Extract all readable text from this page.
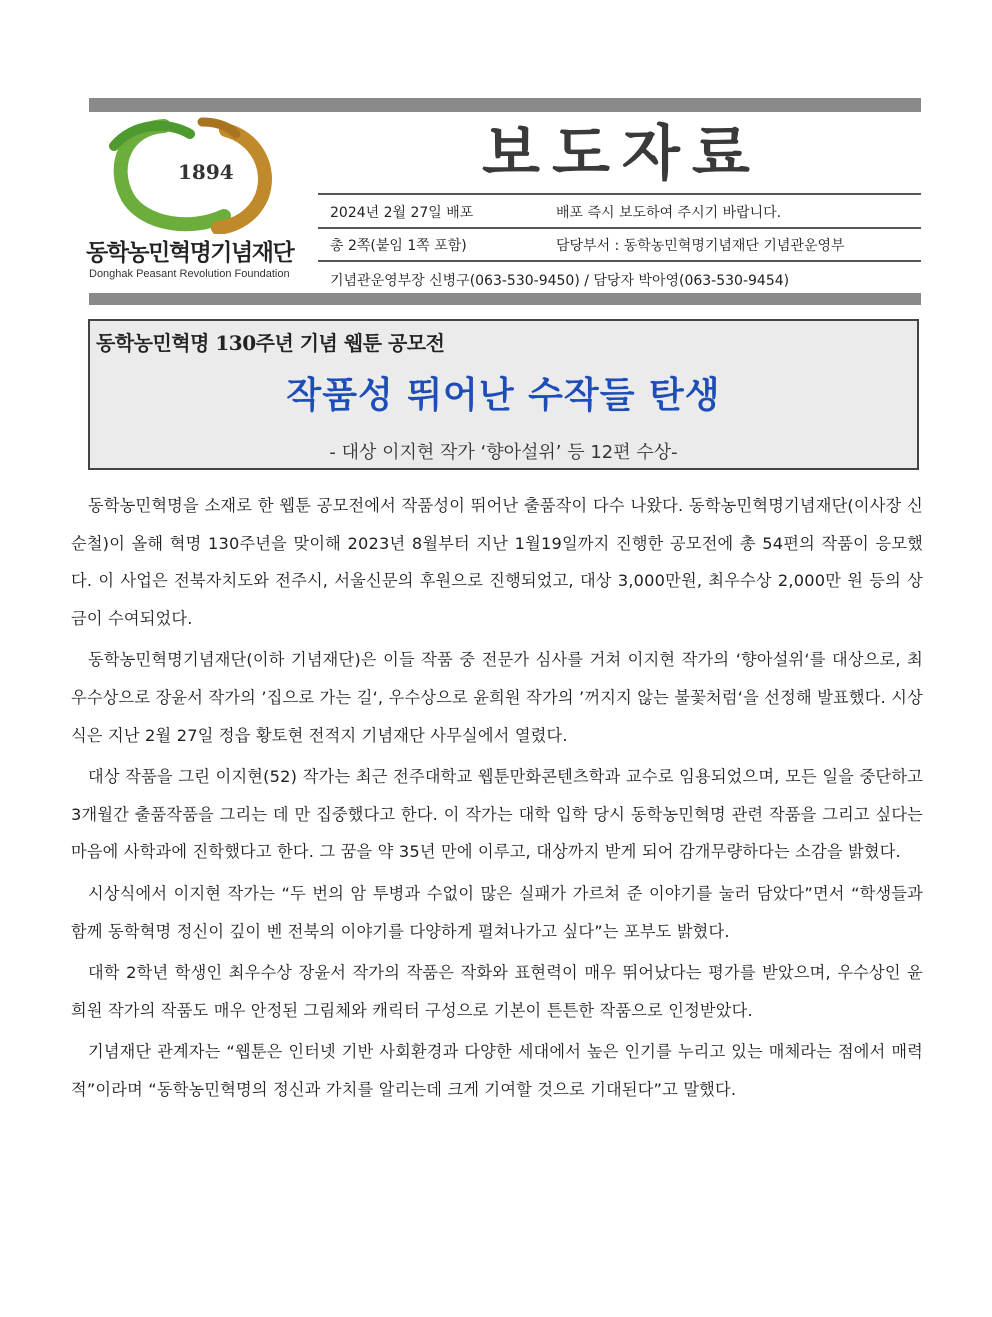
1894
동학농민혁명기념재단
Donghak Peasant Revolution Foundation
보도자료
2024년 2월 27일 배포	배포 즉시 보도하여 주시기 바랍니다.
총 2쪽(붙임 1쪽 포함)	담당부서 : 동학농민혁명기념재단 기념관운영부
기념관운영부장 신병구(063-530-9450) / 담당자 박아영(063-530-9454)
동학농민혁명 130주년 기념 웹툰 공모전
작품성 뛰어난 수작들 탄생
- 대상 이지현 작가 ‘향아설위’ 등 12편 수상-

동학농민혁명을 소재로 한 웹툰 공모전에서 작품성이 뛰어난 출품작이 다수 나왔다. 동학농민혁명기념재단(이사장 신순철)이 올해 혁명 130주년을 맞이해 2023년 8월부터 지난 1월19일까지 진행한 공모전에 총 54편의 작품이 응모했다. 이 사업은 전북자치도와 전주시, 서울신문의 후원으로 진행되었고, 대상 3,000만원, 최우수상 2,000만 원 등의 상금이 수여되었다.

동학농민혁명기념재단(이하 기념재단)은 이들 작품 중 전문가 심사를 거쳐 이지현 작가의 ‘향아설위‘를 대상으로, 최우수상으로 장윤서 작가의 ’집으로 가는 길‘, 우수상으로 윤희원 작가의 ’꺼지지 않는 불꽃처럼‘을 선정해 발표했다. 시상식은 지난 2월 27일 정읍 황토현 전적지 기념재단 사무실에서 열렸다.

대상 작품을 그린 이지현(52) 작가는 최근 전주대학교 웹툰만화콘텐츠학과 교수로 임용되었으며, 모든 일을 중단하고 3개월간 출품작품을 그리는 데 만 집중했다고 한다. 이 작가는 대학 입학 당시 동학농민혁명 관련 작품을 그리고 싶다는 마음에 사학과에 진학했다고 한다. 그 꿈을 약 35년 만에 이루고, 대상까지 받게 되어 감개무량하다는 소감을 밝혔다.

시상식에서 이지현 작가는 “두 번의 암 투병과 수없이 많은 실패가 가르쳐 준 이야기를 눌러 담았다”면서 “학생들과 함께 동학혁명 정신이 깊이 벤 전북의 이야기를 다양하게 펼쳐나가고 싶다”는 포부도 밝혔다.

대학 2학년 학생인 최우수상 장윤서 작가의 작품은 작화와 표현력이 매우 뛰어났다는 평가를 받았으며, 우수상인 윤희원 작가의 작품도 매우 안정된 그림체와 캐릭터 구성으로 기본이 튼튼한 작품으로 인정받았다.

기념재단 관계자는 “웹툰은 인터넷 기반 사회환경과 다양한 세대에서 높은 인기를 누리고 있는 매체라는 점에서 매력적”이라며 “동학농민혁명의 정신과 가치를 알리는데 크게 기여할 것으로 기대된다”고 말했다.
